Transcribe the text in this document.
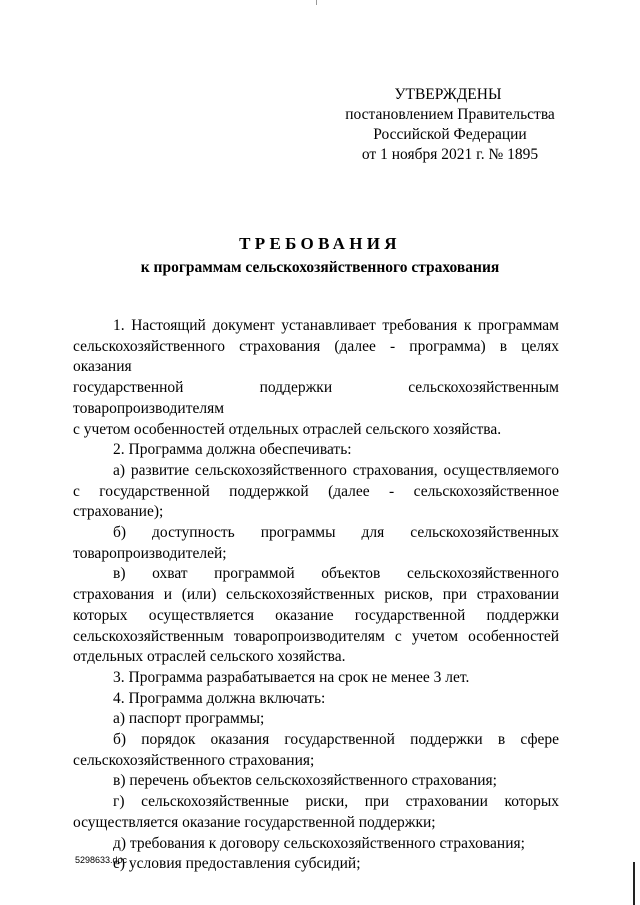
УТВЕРЖДЕНЫ
постановлением Правительства
Российской Федерации
от 1 ноября 2021 г. № 1895
ТРЕБОВАНИЯ
к программам сельскохозяйственного страхования
1. Настоящий документ устанавливает требования к программам
сельскохозяйственного страхования (далее - программа) в целях оказания
государственной поддержки сельскохозяйственным товаропроизводителям
с учетом особенностей отдельных отраслей сельского хозяйства.
2. Программа должна обеспечивать:
а) развитие сельскохозяйственного страхования, осуществляемого
с государственной поддержкой (далее - сельскохозяйственное
страхование);
б) доступность программы для сельскохозяйственных
товаропроизводителей;
в) охват программой объектов сельскохозяйственного
страхования и (или) сельскохозяйственных рисков, при страховании
которых осуществляется оказание государственной поддержки
сельскохозяйственным товаропроизводителям с учетом особенностей
отдельных отраслей сельского хозяйства.
3. Программа разрабатывается на срок не менее 3 лет.
4. Программа должна включать:
а) паспорт программы;
б) порядок оказания государственной поддержки в сфере
сельскохозяйственного страхования;
в) перечень объектов сельскохозяйственного страхования;
г) сельскохозяйственные риски, при страховании которых
осуществляется оказание государственной поддержки;
д) требования к договору сельскохозяйственного страхования;
е) условия предоставления субсидий;
5298633.doc
